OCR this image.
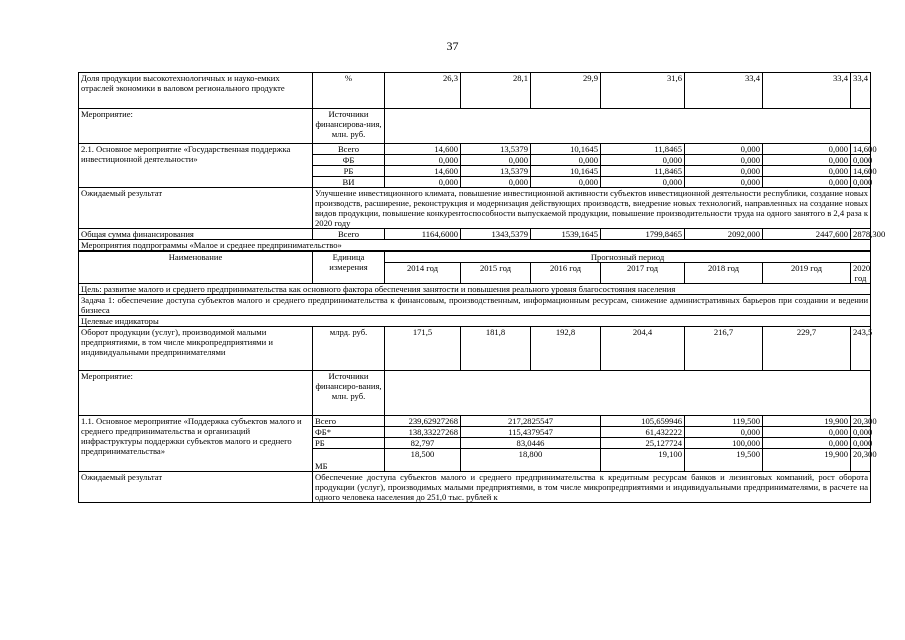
37
Доля продукции высокотехнологичных и науко-емких отраслей экономики в валовом регионального продукте	%	26,3	28,1	29,9	31,6	33,4	33,4	33,4
Мероприятие:	Источники финансирова-ния, млн. руб.							
2.1. Основное мероприятие «Государственная поддержка инвестиционной деятельности»	Всего	14,600	13,5379	10,1645	11,8465	0,000	0,000	14,600
	ФБ	0,000	0,000	0,000	0,000	0,000	0,000	0,000
	РБ	14,600	13,5379	10,1645	11,8465	0,000	0,000	14,600
	ВИ	0,000	0,000	0,000	0,000	0,000	0,000	0,000
Ожидаемый результат	Улучшение инвестиционного климата, повышение инвестиционной активности субъектов инвестиционной деятельности республики, создание новых производств, расширение, реконструкция и модернизация действующих производств, внедрение новых технологий, направленных на создание новых видов продукции, повышение конкурентоспособности выпускаемой продукции, повышение производительности труда на одного занятого в 2,4 раза к 2020 году							
Общая сумма финансирования	Всего	1164,6000	1343,5379	1539,1645	1799,8465	2092,000	2447,600	2878,300
Мероприятия подпрограммы «Малое и среднее предпринимательство»								
Наименование	Единица измерения	Прогнозный период							
		2014 год	2015 год	2016 год	2017 год	2018 год	2019 год	2020 год	
Цель: развитие малого и среднего предпринимательства как основного фактора обеспечения занятости и повышения реального уровня благосостояния населения									
Задача 1: обеспечение доступа субъектов малого и среднего предпринимательства к финансовым, производственным, информационным ресурсам, снижение административных барьеров при создании и ведении бизнеса									
Целевые индикаторы									
Оборот продукции (услуг), производимой малыми предприятиями, в том числе микропредприятиями и индивидуальными предпринимателями	млрд. руб.	171,5	181,8	192,8	204,4	216,7	229,7	243,5	
Мероприятие:	Источники финансиро-вания, млн. руб.								
1.1. Основное мероприятие «Поддержка субъектов малого и среднего предпринимательства и организаций инфраструктуры поддержки субъектов малого и среднего предпринимательства»	Всего	239,62927268	217,2825547		105,659946	119,500	19,900	20,300	
	ФБ*	138,33227268	115,4379547		61,432222	0,000	0,000	0,000	
	РБ	82,797	83,0446		25,127724	100,000	0,000	0,000	
	МБ	18,500	18,800		19,100	19,500	19,900	20,300	
Ожидаемый результат	Обеспечение доступа субъектов малого и среднего предпринимательства к кредитным ресурсам банков и лизинговых компаний, рост оборота продукции (услуг), производимых малыми предприятиями, в том числе микропредприятиями и индивидуальными предпринимателями, в расчете на одного человека населения до 251,0 тыс. рублей к								
